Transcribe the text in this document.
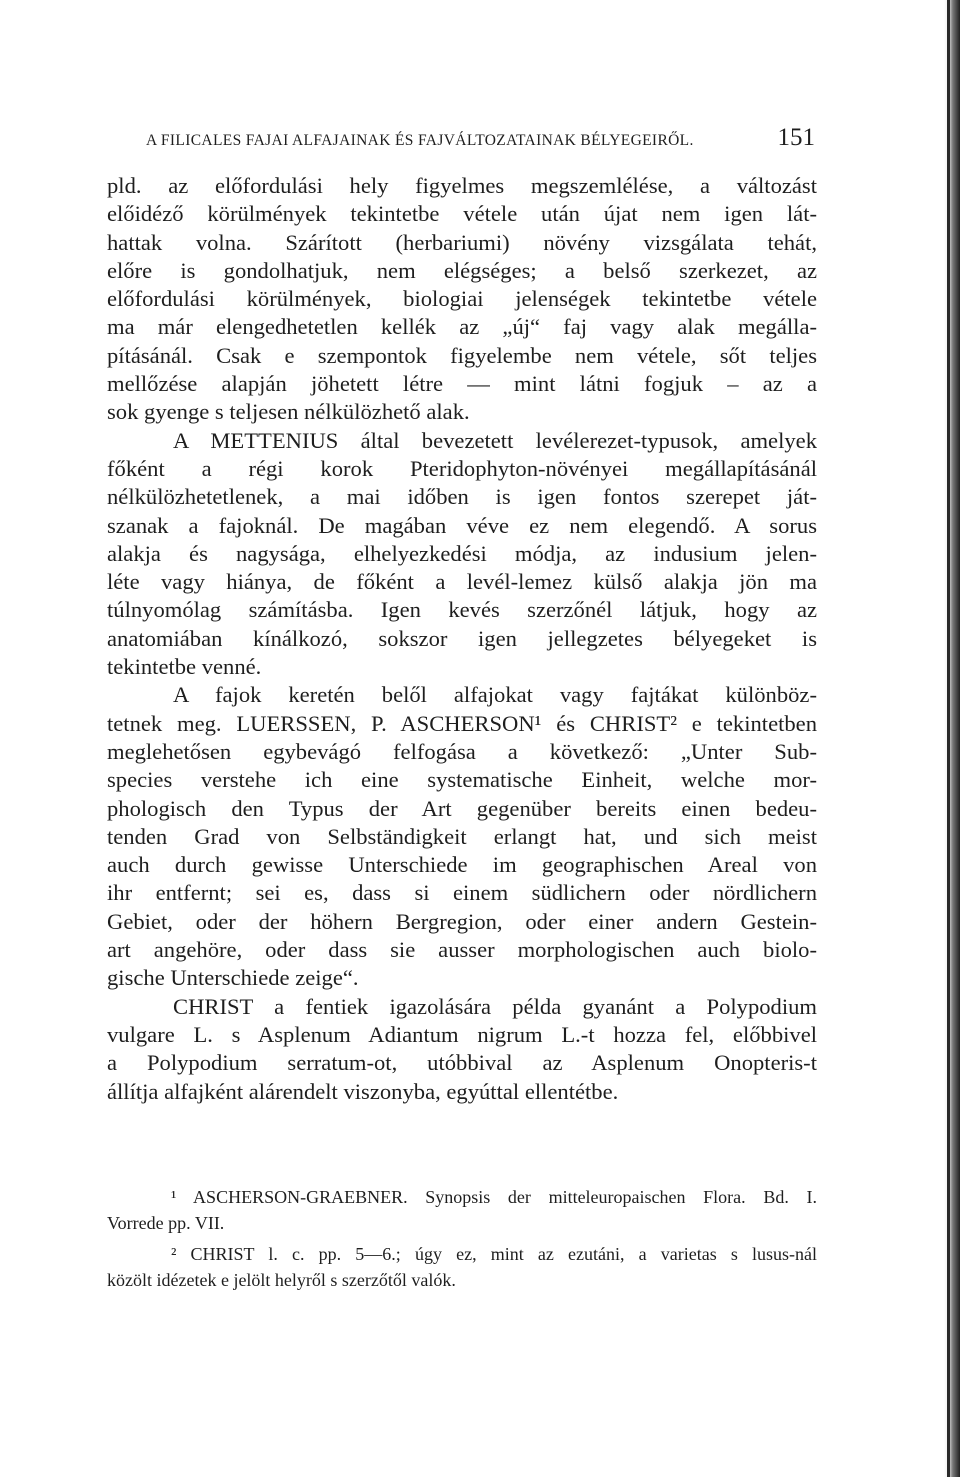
A FILICALES FAJAI ALFAJAINAK ÉS FAJVÁLTOZATAINAK BÉLYEGEIRŐL.	151
pld. az előfordulási hely figyelmes megszemlélése, a változást
előidéző körülmények tekintetbe vétele után újat nem igen lát-
hattak volna. Szárított (herbariumi) növény vizsgálata tehát,
előre is gondolhatjuk, nem elégséges; a belső szerkezet, az
előfordulási körülmények, biologiai jelenségek tekintetbe vétele
ma már elengedhetetlen kellék az „új“ faj vagy alak megálla-
pításánál. Csak e szempontok figyelembe nem vétele, sőt teljes
mellőzése alapján jöhetett létre — mint látni fogjuk – az a
sok gyenge s teljesen nélkülözhető alak.
A METTENIUS által bevezetett levélerezet-typusok, amelyek
főként a régi korok Pteridophyton-növényei megállapításánál
nélkülözhetetlenek, a mai időben is igen fontos szerepet ját-
szanak a fajoknál. De magában véve ez nem elegendő. A sorus
alakja és nagysága, elhelyezkedési módja, az indusium jelen-
léte vagy hiánya, de főként a levél-lemez külső alakja jön ma
túlnyomólag számításba. Igen kevés szerzőnél látjuk, hogy az
anatomiában kínálkozó, sokszor igen jellegzetes bélyegeket is
tekintetbe venné.
A fajok keretén belől alfajokat vagy fajtákat különböz-
tetnek meg. LUERSSEN, P. ASCHERSON¹ és CHRIST² e tekintetben
meglehetősen egybevágó felfogása a következő: „Unter Sub-
species verstehe ich eine systematische Einheit, welche mor-
phologisch den Typus der Art gegenüber bereits einen bedeu-
tenden Grad von Selbständigkeit erlangt hat, und sich meist
auch durch gewisse Unterschiede im geographischen Areal von
ihr entfernt; sei es, dass si einem südlichern oder nördlichern
Gebiet, oder der höhern Bergregion, oder einer andern Gestein-
art angehöre, oder dass sie ausser morphologischen auch biolo-
gische Unterschiede zeige“.
CHRIST a fentiek igazolására példa gyanánt a Polypodium
vulgare L. s Asplenum Adiantum nigrum L.-t hozza fel, előbbivel
a Polypodium serratum-ot, utóbbival az Asplenum Onopteris-t
állítja alfajként alárendelt viszonyba, egyúttal ellentétbe.
¹ ASCHERSON-GRAEBNER. Synopsis der mitteleuropaischen Flora. Bd. I.
Vorrede pp. VII.
² CHRIST l. c. pp. 5—6.; úgy ez, mint az ezutáni, a varietas s lusus-nál
közölt idézetek e jelölt helyről s szerzőtől valók.
